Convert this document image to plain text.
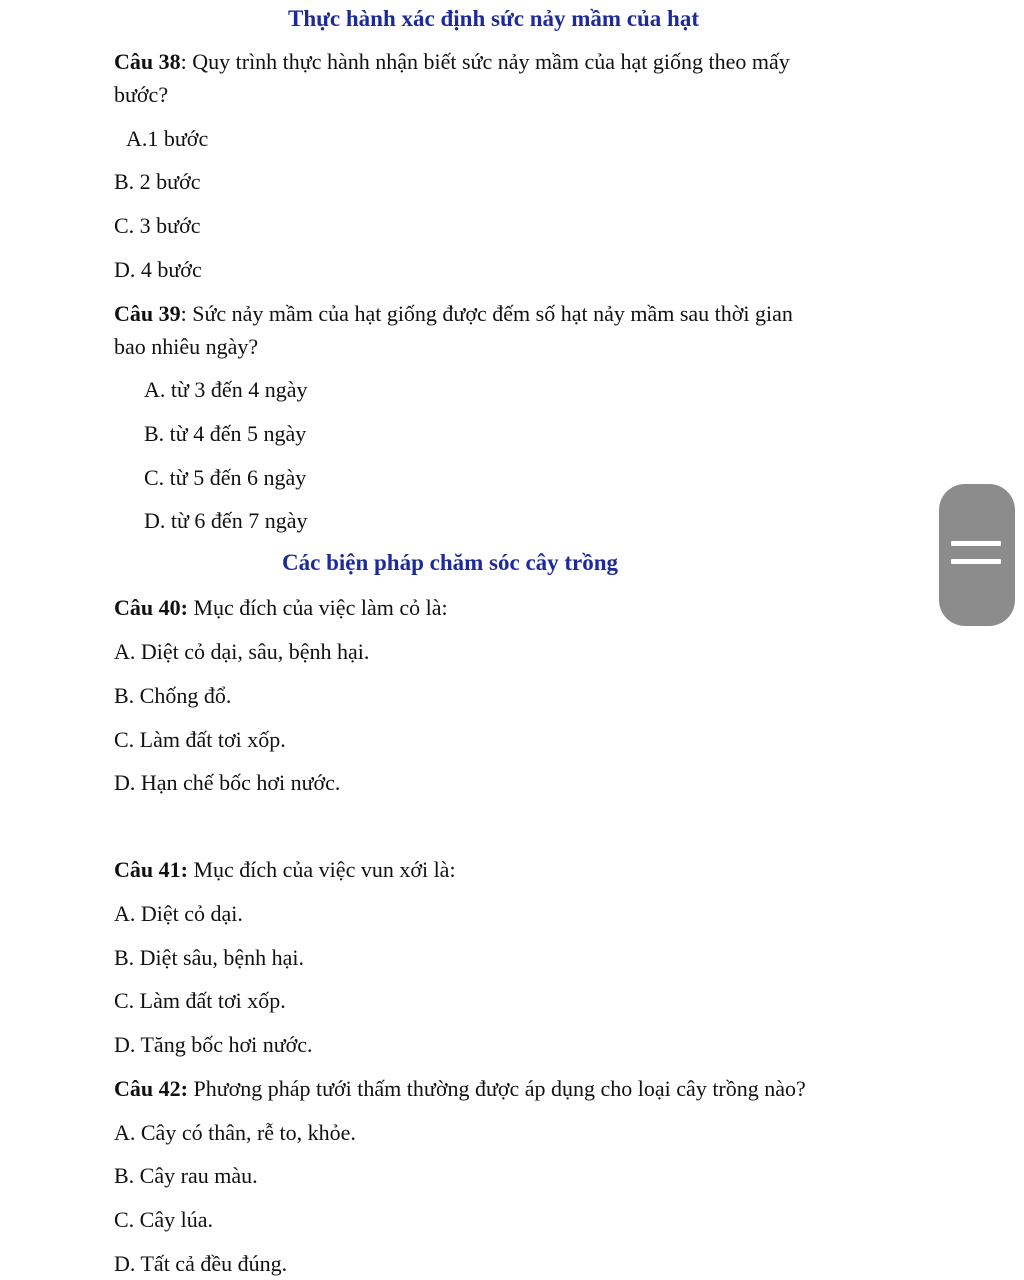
Thực hành xác định sức nảy mầm của hạt
Câu 38: Quy trình thực hành nhận biết sức nảy mầm của hạt giống theo mấy
bước?
A.1 bước
B. 2 bước
C. 3 bước
D. 4 bước
Câu 39: Sức nảy mầm của hạt giống được đếm số hạt nảy mầm sau thời gian
bao nhiêu ngày?
A. từ 3 đến 4 ngày
B. từ 4 đến 5 ngày
C. từ 5 đến 6 ngày
D. từ 6 đến 7 ngày
Các biện pháp chăm sóc cây trồng
Câu 40: Mục đích của việc làm cỏ là:
A. Diệt cỏ dại, sâu, bệnh hại.
B. Chống đổ.
C. Làm đất tơi xốp.
D. Hạn chế bốc hơi nước.
Câu 41: Mục đích của việc vun xới là:
A. Diệt cỏ dại.
B. Diệt sâu, bệnh hại.
C. Làm đất tơi xốp.
D. Tăng bốc hơi nước.
Câu 42: Phương pháp tưới thấm thường được áp dụng cho loại cây trồng nào?
A. Cây có thân, rễ to, khỏe.
B. Cây rau màu.
C. Cây lúa.
D. Tất cả đều đúng.
